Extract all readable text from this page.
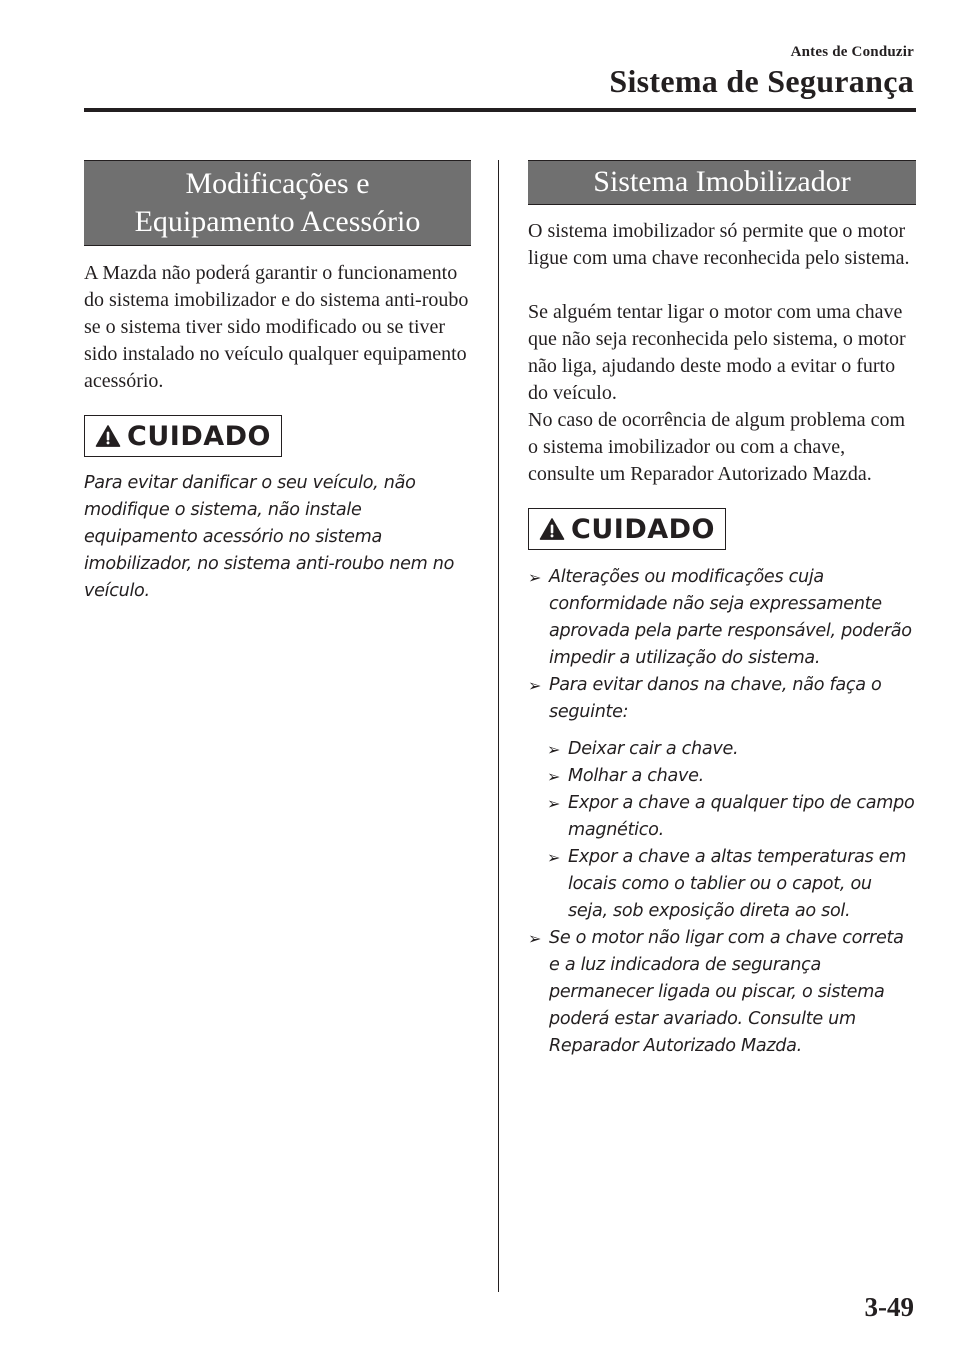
Antes de Conduzir
Sistema de Segurança
Modificações e
Equipamento Acessório

A Mazda não poderá garantir o funcionamento do sistema imobilizador e do sistema anti-roubo se o sistema tiver sido modificado ou se tiver sido instalado no veículo qualquer equipamento acessório.

CUIDADO
Para evitar danificar o seu veículo, não modifique o sistema, não instale equipamento acessório no sistema imobilizador, no sistema anti-roubo nem no veículo.
Sistema Imobilizador

O sistema imobilizador só permite que o motor ligue com uma chave reconhecida pelo sistema.

Se alguém tentar ligar o motor com uma chave que não seja reconhecida pelo sistema, o motor não liga, ajudando deste modo a evitar o furto do veículo.

No caso de ocorrência de algum problema com o sistema imobilizador ou com a chave, consulte um Reparador Autorizado Mazda.

CUIDADO
➢ Alterações ou modificações cuja conformidade não seja expressamente aprovada pela parte responsável, poderão impedir a utilização do sistema.
➢ Para evitar danos na chave, não faça o seguinte:
➢ Deixar cair a chave.
➢ Molhar a chave.
➢ Expor a chave a qualquer tipo de campo magnético.
➢ Expor a chave a altas temperaturas em locais como o tablier ou o capot, ou seja, sob exposição direta ao sol.
➢ Se o motor não ligar com a chave correta e a luz indicadora de segurança permanecer ligada ou piscar, o sistema poderá estar avariado. Consulte um Reparador Autorizado Mazda.
3-49
